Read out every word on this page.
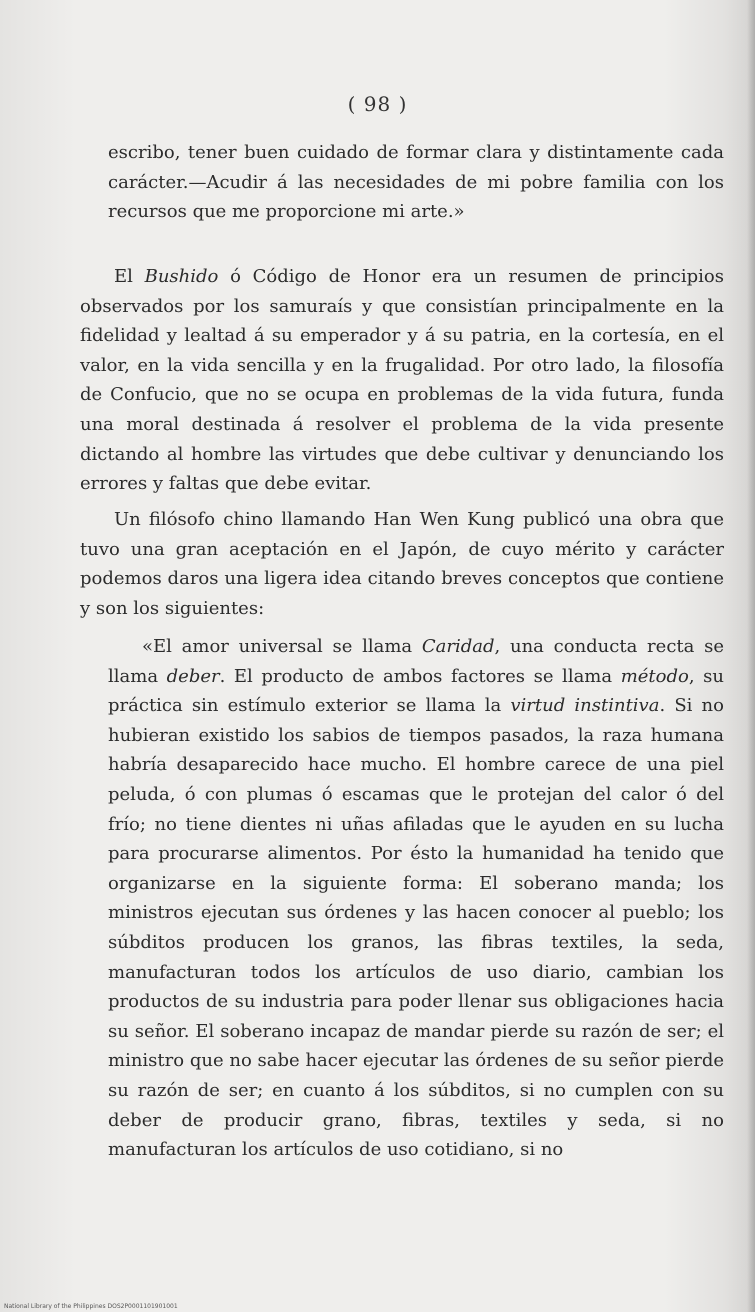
( 98 )

escribo, tener buen cuidado de formar clara y distintamente cada carácter.—Acudir á las necesidades de mi pobre familia con los recursos que me proporcione mi arte.»

El Bushido ó Código de Honor era un resumen de principios observados por los samuraís y que consistían principalmente en la fidelidad y lealtad á su emperador y á su patria, en la cortesía, en el valor, en la vida sencilla y en la frugalidad. Por otro lado, la filosofía de Confucio, que no se ocupa en problemas de la vida futura, funda una moral destinada á resolver el problema de la vida presente dictando al hombre las virtudes que debe cultivar y denunciando los errores y faltas que debe evitar.

Un filósofo chino llamando Han Wen Kung publicó una obra que tuvo una gran aceptación en el Japón, de cuyo mérito y carácter podemos daros una ligera idea citando breves conceptos que contiene y son los siguientes:

«El amor universal se llama Caridad, una conducta recta se llama deber. El producto de ambos factores se llama método, su práctica sin estímulo exterior se llama la virtud instintiva. Si no hubieran existido los sabios de tiempos pasados, la raza humana habría desaparecido hace mucho. El hombre carece de una piel peluda, ó con plumas ó escamas que le protejan del calor ó del frío; no tiene dientes ni uñas afiladas que le ayuden en su lucha para procurarse alimentos. Por ésto la humanidad ha tenido que organizarse en la siguiente forma: El soberano manda; los ministros ejecutan sus órdenes y las hacen conocer al pueblo; los súbditos producen los granos, las fibras textiles, la seda, manufacturan todos los artículos de uso diario, cambian los productos de su industria para poder llenar sus obligaciones hacia su señor. El soberano incapaz de mandar pierde su razón de ser; el ministro que no sabe hacer ejecutar las órdenes de su señor pierde su razón de ser; en cuanto á los súbditos, si no cumplen con su deber de producir grano, fibras, textiles y seda, si no manufacturan los artículos de uso cotidiano, si no

National Library of the Philippines DOS2P0001101901001
